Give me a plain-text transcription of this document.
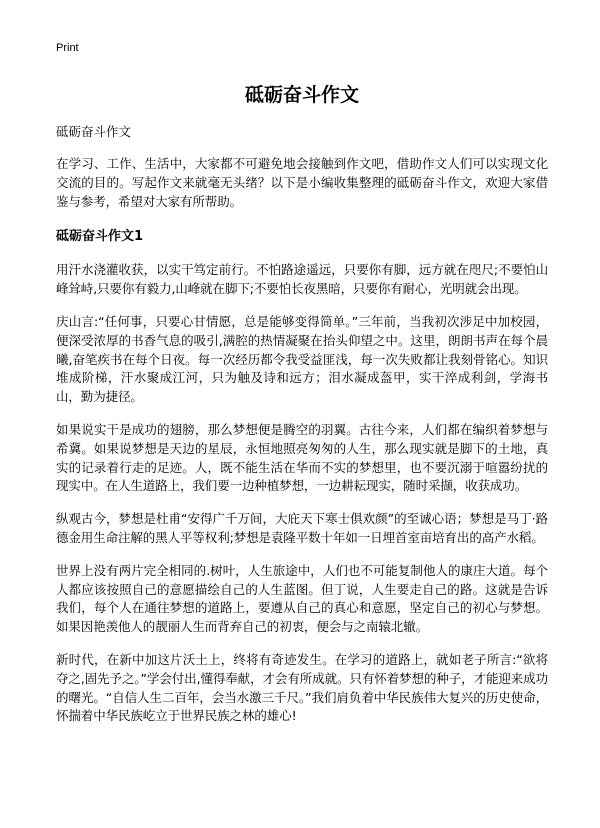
Print
砥砺奋斗作文
砥砺奋斗作文

在学习、工作、生活中，大家都不可避免地会接触到作文吧，借助作文人们可以实现文化交流的目的。写起作文来就毫无头绪？以下是小编收集整理的砥砺奋斗作文，欢迎大家借鉴与参考，希望对大家有所帮助。

砥砺奋斗作文1

用汗水浇灌收获，以实干笃定前行。不怕路途遥远，只要你有脚，远方就在咫尺;不要怕山峰耸峙,只要你有毅力,山峰就在脚下;不要怕长夜黑暗，只要你有耐心，光明就会出现。

庆山言:“任何事，只要心甘情愿，总是能够变得简单。”三年前，当我初次涉足中加校园，便深受浓厚的书香气息的吸引,满腔的热情凝聚在抬头仰望之中。这里，朗朗书声在每个晨曦,奋笔疾书在每个日夜。每一次经历都令我受益匪浅，每一次失败都让我刻骨铭心。知识堆成阶梯，汗水聚成江河，只为触及诗和远方；泪水凝成盔甲，实干淬成利剑，学海书山，勤为捷径。

如果说实干是成功的翅膀，那么梦想便是腾空的羽翼。古往今来，人们都在编织着梦想与希冀。如果说梦想是天边的星辰，永恒地照亮匆匆的人生，那么现实就是脚下的土地，真实的记录着行走的足迹。人，既不能生活在华而不实的梦想里，也不要沉溺于喧嚣纷扰的现实中。在人生道路上，我们要一边种植梦想，一边耕耘现实，随时采撷，收获成功。

纵观古今，梦想是杜甫“安得广千万间，大庇天下寒士俱欢颜”的至诚心语；梦想是马丁·路德金用生命注解的黑人平等权利;梦想是袁隆平数十年如一日埋首室亩培育出的高产水稻。

世界上没有两片完全相同的.树叶，人生旅途中，人们也不可能复制他人的康庄大道。每个人都应该按照自己的意愿描绘自己的人生蓝图。但丁说，人生要走自己的路。这就是告诉我们，每个人在通往梦想的道路上，要遵从自己的真心和意愿，坚定自己的初心与梦想。如果因艳羡他人的靓丽人生而背弃自己的初衷，便会与之南辕北辙。

新时代，在新中加这片沃土上，终将有奇迹发生。在学习的道路上，就如老子所言:“欲将夺之,固先予之。”学会付出,懂得奉献，才会有所成就。只有怀着梦想的种子，才能迎来成功的曙光。“自信人生二百年，会当水激三千尺。”我们肩负着中华民族伟大复兴的历史使命，怀揣着中华民族屹立于世界民族之林的雄心!
